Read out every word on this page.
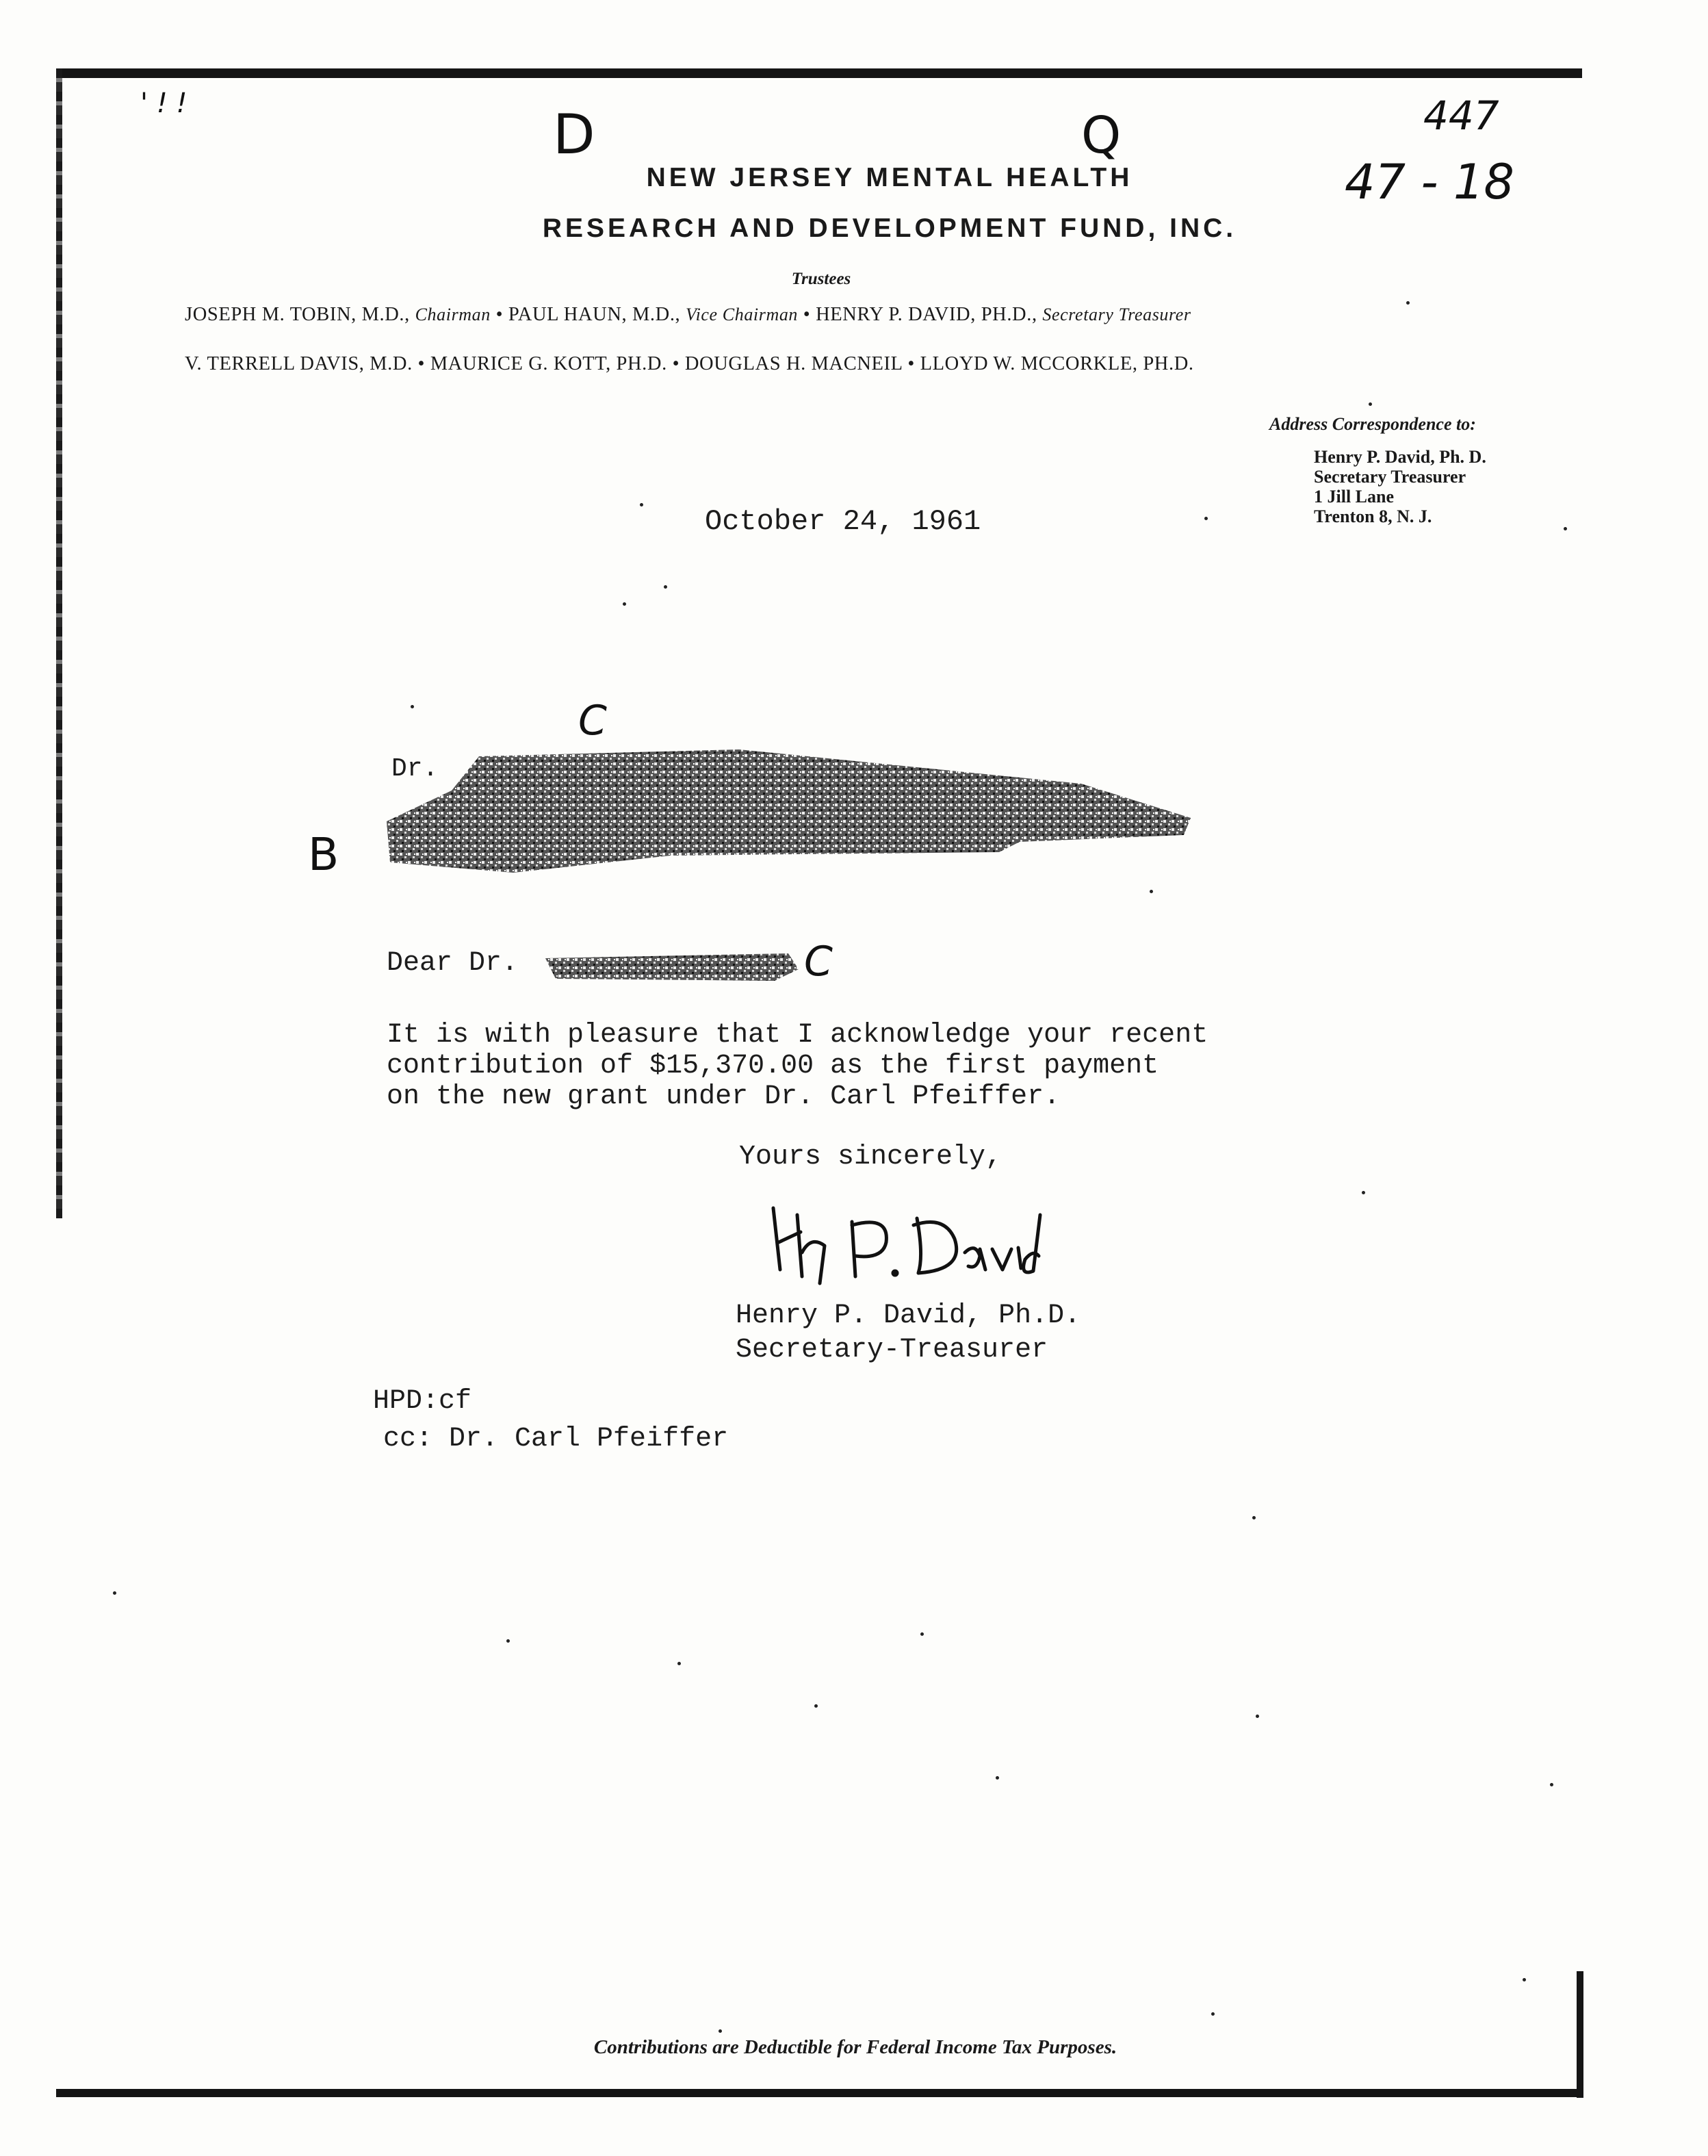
' ! !	D	Q	447
47 - 18
NEW JERSEY MENTAL HEALTH
RESEARCH AND DEVELOPMENT FUND, INC.
Trustees
JOSEPH M. TOBIN, M.D., Chairman • PAUL HAUN, M.D., Vice Chairman • HENRY P. DAVID, PH.D., Secretary Treasurer
V. TERRELL DAVIS, M.D. • MAURICE G. KOTT, PH.D. • DOUGLAS H. MACNEIL • LLOYD W. MCCORKLE, PH.D.
Address Correspondence to:
Henry P. David, Ph. D.
Secretary Treasurer
1 Jill Lane
Trenton 8, N. J.
October 24, 1961
C
Dr.
B
Dear Dr.	C
It is with pleasure that I acknowledge your recent
contribution of $15,370.00 as the first payment
on the new grant under Dr. Carl Pfeiffer.
Yours sincerely,
Henry P. David, Ph.D.
Secretary-Treasurer
HPD:cf
cc: Dr. Carl Pfeiffer
Contributions are Deductible for Federal Income Tax Purposes.
